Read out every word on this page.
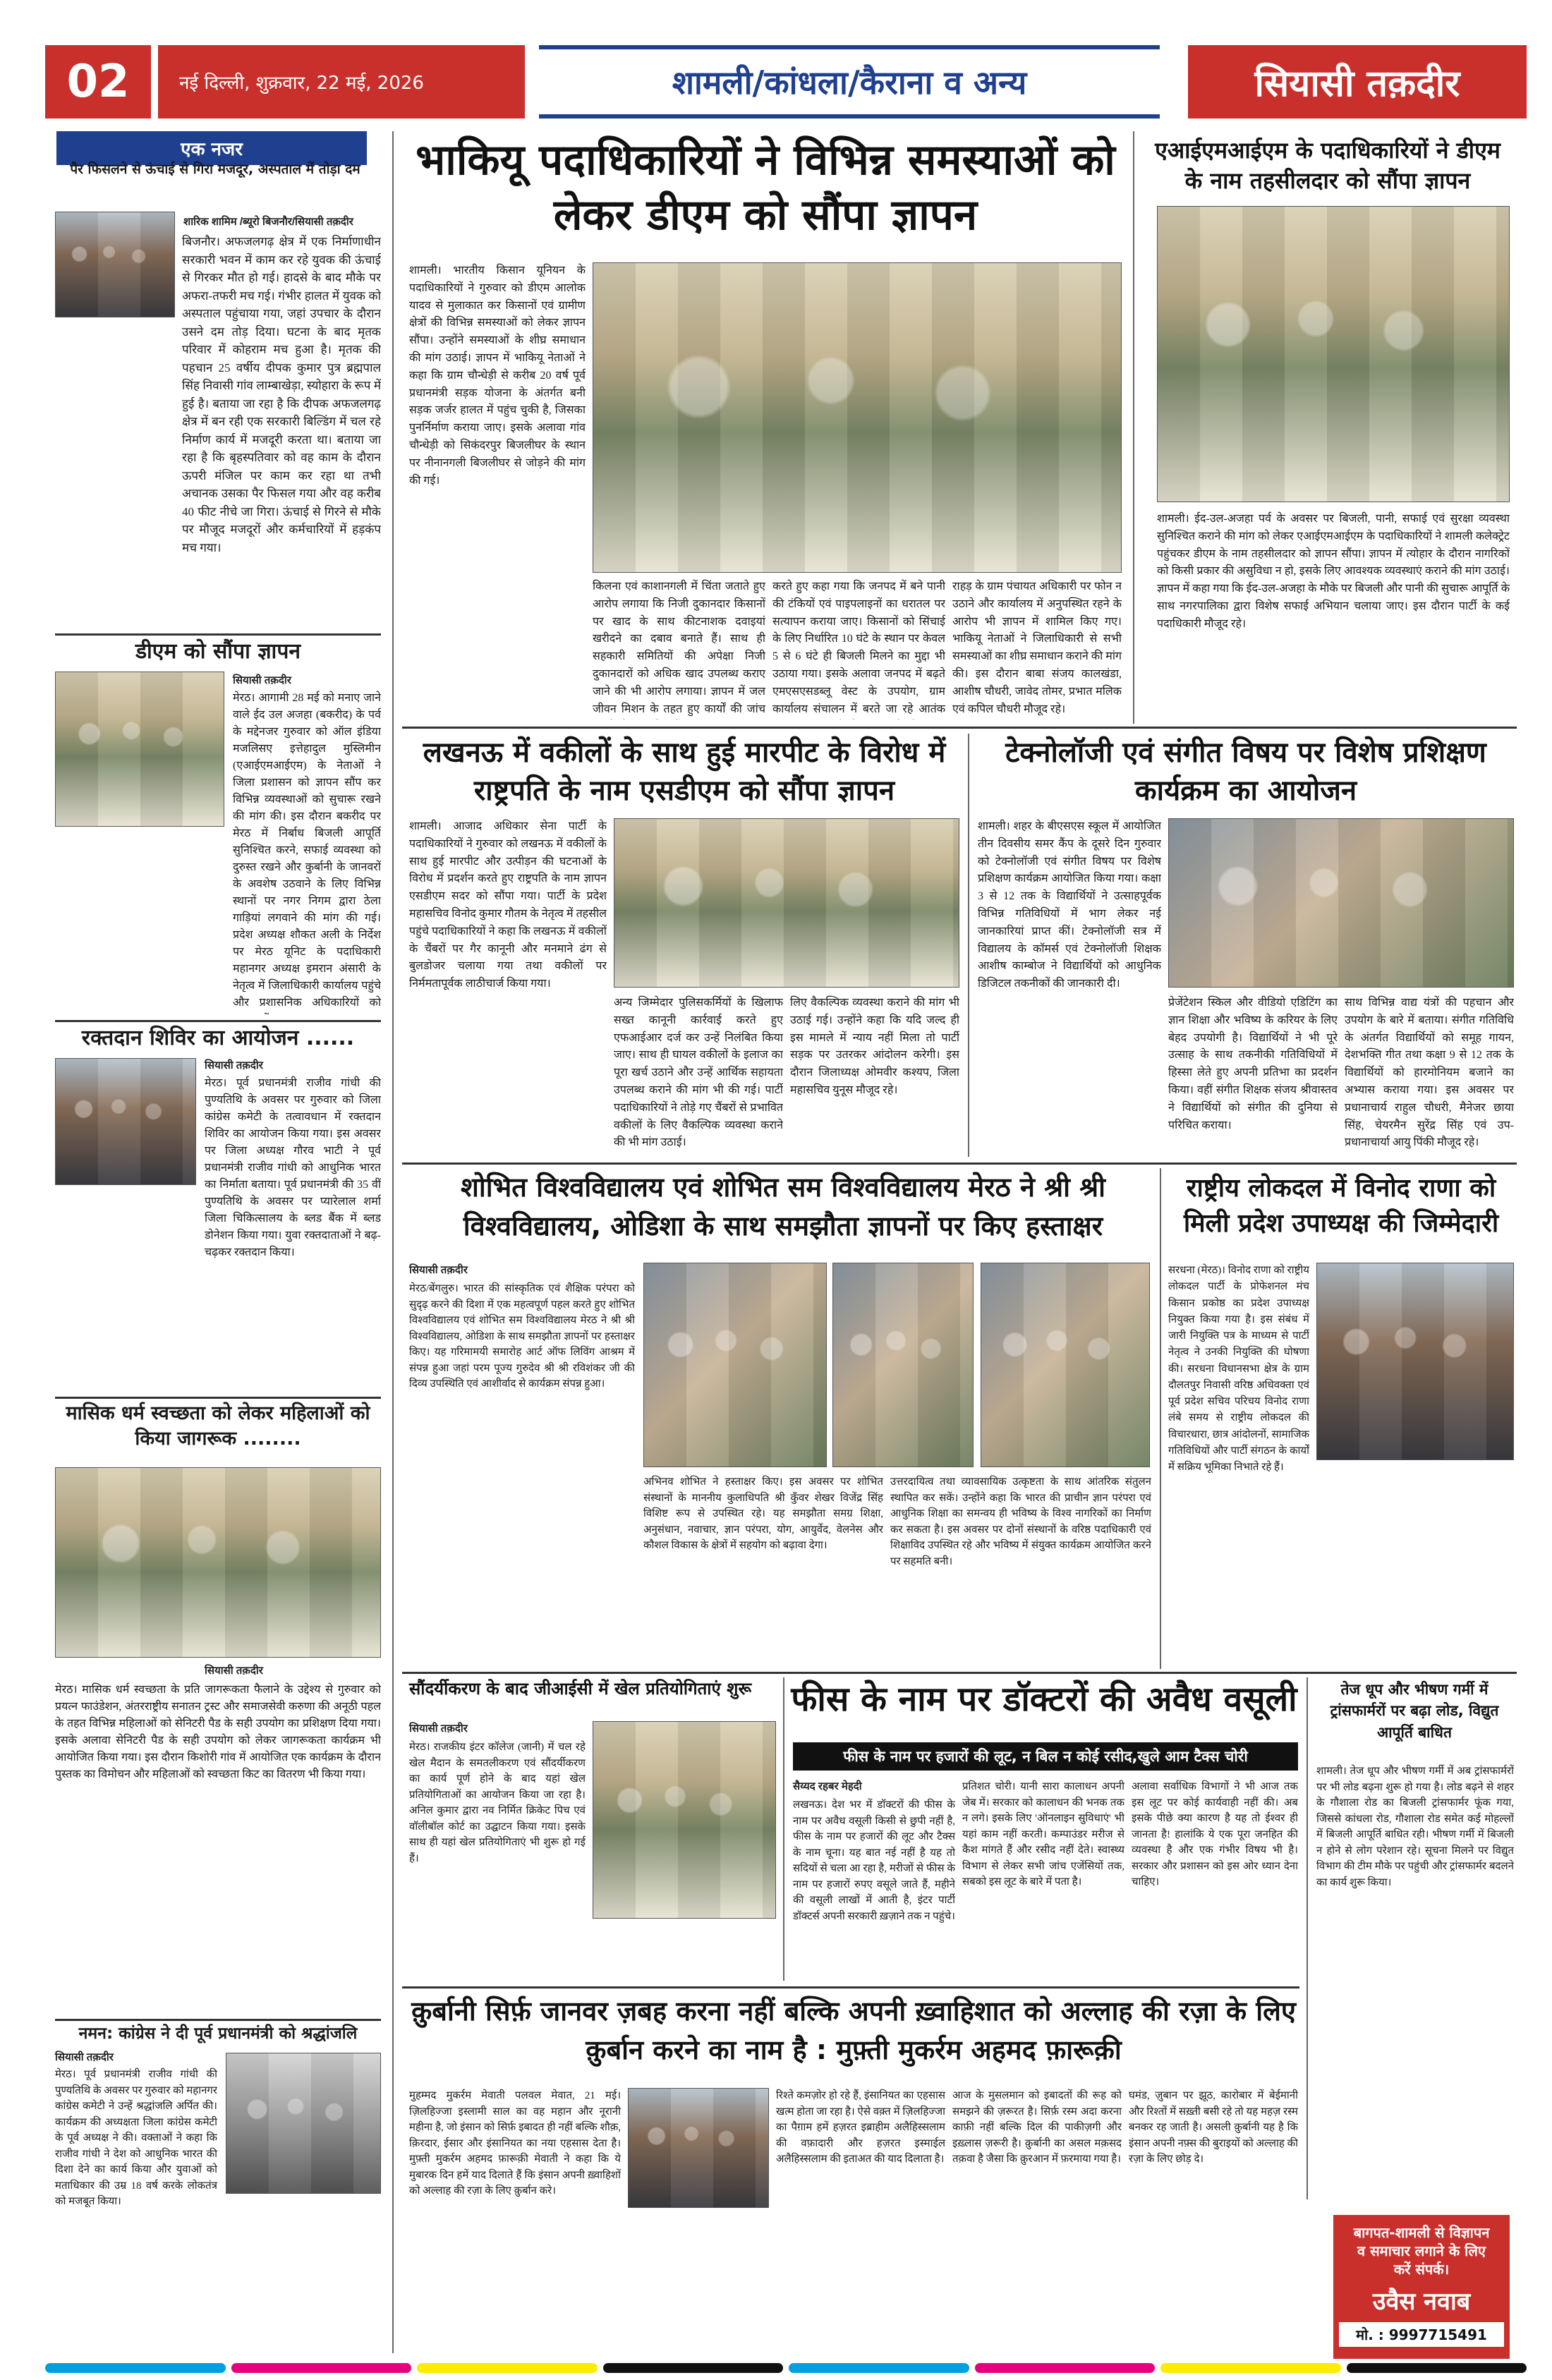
02	नई दिल्ली, शुक्रवार, 22 मई, 2026	शामली/कांधला/कैराना व अन्य	सियासी तक़दीर
एक नजर
पैर फिसलने से ऊंचाई से गिरा मजदूर, अस्पताल में तोड़ा दम
शारिक शामिम /ब्यूरो बिजनौर/सियासी तक़दीर
बिजनौर। अफजलगढ़ क्षेत्र में एक निर्माणाधीन सरकारी भवन में काम कर रहे युवक की ऊंचाई से गिरकर मौत हो गई। हादसे के बाद मौके पर अफरा-तफरी मच गई। गंभीर हालत में युवक को अस्पताल पहुंचाया गया, जहां उपचार के दौरान उसने दम तोड़ दिया। घटना के बाद मृतक परिवार में कोहराम मच हुआ है। मृतक की पहचान 25 वर्षीय दीपक कुमार पुत्र ब्रह्मपाल सिंह निवासी गांव लाम्बाखेड़ा, स्योहारा के रूप में हुई है। बताया जा रहा है कि दीपक अफजलगढ़ क्षेत्र में बन रही एक सरकारी बिल्डिंग में चल रहे निर्माण कार्य में मजदूरी करता था। बताया जा रहा है कि बृहस्पतिवार को वह काम के दौरान ऊपरी मंजिल पर काम कर रहा था तभी अचानक उसका पैर फिसल गया और वह करीब 40 फीट नीचे जा गिरा। ऊंचाई से गिरने से मौके पर मौजूद मजदूरों और कर्मचारियों में हड़कंप मच गया।
डीएम को सौंपा ज्ञापन
सियासी तक़दीर
मेरठ। आगामी 28 मई को मनाए जाने वाले ईद उल अजहा (बकरीद) के पर्व के मद्देनजर गुरुवार को ऑल इंडिया मजलिसए इत्तेहादुल मुस्लिमीन (एआईएमआईएम) के नेताओं ने जिला प्रशासन को ज्ञापन सौंप कर विभिन्न व्यवस्थाओं को सुचारू रखने की मांग की। इस दौरान बकरीद पर मेरठ में निर्बाध बिजली आपूर्ति सुनिश्चित करने, सफाई व्यवस्था को दुरुस्त रखने और कुर्बानी के जानवरों के अवशेष उठवाने के लिए विभिन्न स्थानों पर नगर निगम द्वारा ठेला गाड़ियां लगवाने की मांग की गई। प्रदेश अध्यक्ष शौकत अली के निर्देश पर मेरठ यूनिट के पदाधिकारी महानगर अध्यक्ष इमरान अंसारी के नेतृत्व में जिलाधिकारी कार्यालय पहुंचे और प्रशासनिक अधिकारियों को
रक्तदान शिविर का आयोजन ......
सियासी तक़दीर
मेरठ। पूर्व प्रधानमंत्री राजीव गांधी की पुण्यतिथि के अवसर पर गुरुवार को जिला कांग्रेस कमेटी के तत्वावधान में रक्तदान शिविर का आयोजन किया गया। इस अवसर पर जिला अध्यक्ष गौरव भाटी ने पूर्व प्रधानमंत्री राजीव गांधी को आधुनिक भारत का निर्माता बताया। पूर्व प्रधानमंत्री की 35 वीं पुण्यतिथि के अवसर पर प्यारेलाल शर्मा जिला चिकित्सालय के ब्लड बैंक में ब्लड डोनेशन किया गया। युवा रक्तदाताओं ने बढ़-चढ़कर रक्तदान किया।
मासिक धर्म स्वच्छता को लेकर महिलाओं को किया जागरूक ........
सियासी तक़दीर
मेरठ। मासिक धर्म स्वच्छता के प्रति जागरूकता फैलाने के उद्देश्य से गुरुवार को प्रयत्न फाउंडेशन, अंतरराष्ट्रीय सनातन ट्रस्ट और समाजसेवी करुणा की अनूठी पहल के तहत विभिन्न महिलाओं को सेनिटरी पैड के सही उपयोग का प्रशिक्षण दिया गया। इसके अलावा सेनिटरी पैड के सही उपयोग को लेकर जागरूकता कार्यक्रम भी आयोजित किया गया। इस दौरान किशोरी गांव में आयोजित एक कार्यक्रम के दौरान पुस्तक का विमोचन और महिलाओं को स्वच्छता किट का वितरण भी किया गया।
नमन: कांग्रेस ने दी पूर्व प्रधानमंत्री को श्रद्धांजलि
सियासी तक़दीर
मेरठ। पूर्व प्रधानमंत्री राजीव गांधी की पुण्यतिथि के अवसर पर गुरुवार को महानगर कांग्रेस कमेटी ने उन्हें श्रद्धांजलि अर्पित की। कार्यक्रम की अध्यक्षता जिला कांग्रेस कमेटी के पूर्व अध्यक्ष ने की। वक्ताओं ने कहा कि राजीव गांधी ने देश को आधुनिक भारत की दिशा देने का कार्य किया और युवाओं को मताधिकार की उम्र 18 वर्ष करके लोकतंत्र को मजबूत किया।
भाकियू पदाधिकारियों ने विभिन्न समस्याओं को लेकर डीएम को सौंपा ज्ञापन
शामली। भारतीय किसान यूनियन के पदाधिकारियों ने गुरुवार को डीएम आलोक यादव से मुलाकात कर किसानों एवं ग्रामीण क्षेत्रों की विभिन्न समस्याओं को लेकर ज्ञापन सौंपा। उन्होंने समस्याओं के शीघ्र समाधान की मांग उठाई। ज्ञापन में भाकियू नेताओं ने कहा कि ग्राम चौन्धेड़ी से करीब 20 वर्ष पूर्व प्रधानमंत्री सड़क योजना के अंतर्गत बनी सड़क जर्जर हालत में पहुंच चुकी है, जिसका पुनर्निर्माण कराया जाए। इसके अलावा गांव चौन्धेड़ी को सिकंदरपुर बिजलीघर के स्थान पर नीनानगली बिजलीघर से जोड़ने की मांग की गई।
किलना एवं काशानगली में चिंता जताते हुए आरोप लगाया कि निजी दुकानदार किसानों पर खाद के साथ कीटनाशक दवाइयां खरीदने का दबाव बनाते हैं। साथ ही सहकारी समितियों की अपेक्षा निजी दुकानदारों को अधिक खाद उपलब्ध कराए जाने की भी आरोप लगाया। ज्ञापन में जल जीवन मिशन के तहत हुए कार्यों की जांच
करते हुए कहा गया कि जनपद में बने पानी की टंकियों एवं पाइपलाइनों का धरातल पर सत्यापन कराया जाए। किसानों को सिंचाई के लिए निर्धारित 10 घंटे के स्थान पर केवल 5 से 6 घंटे ही बिजली मिलने का मुद्दा भी उठाया गया। इसके अलावा जनपद में बढ़ते एमएसएसडब्लू वेस्ट के उपयोग, ग्राम कार्यालय संचालन में बरते जा रहे आतंक
राहड़ के ग्राम पंचायत अधिकारी पर फोन न उठाने और कार्यालय में अनुपस्थित रहने के आरोप भी ज्ञापन में शामिल किए गए। भाकियू नेताओं ने जिलाधिकारी से सभी समस्याओं का शीघ्र समाधान कराने की मांग की। इस दौरान बाबा संजय कालखंडा, आशीष चौधरी, जावेद तोमर, प्रभात मलिक एवं कपिल चौधरी मौजूद रहे।
एआईएमआईएम के पदाधिकारियों ने डीएम के नाम तहसीलदार को सौंपा ज्ञापन
शामली। ईद-उल-अजहा पर्व के अवसर पर बिजली, पानी, सफाई एवं सुरक्षा व्यवस्था सुनिश्चित कराने की मांग को लेकर एआईएमआईएम के पदाधिकारियों ने शामली कलेक्ट्रेट पहुंचकर डीएम के नाम तहसीलदार को ज्ञापन सौंपा। ज्ञापन में त्योहार के दौरान नागरिकों को किसी प्रकार की असुविधा न हो, इसके लिए आवश्यक व्यवस्थाएं कराने की मांग उठाई। ज्ञापन में कहा गया कि ईद-उल-अजहा के मौके पर बिजली और पानी की सुचारू आपूर्ति के साथ नगरपालिका द्वारा विशेष सफाई अभियान चलाया जाए। इस दौरान पार्टी के कई पदाधिकारी मौजूद रहे।
लखनऊ में वकीलों के साथ हुई मारपीट के विरोध में राष्ट्रपति के नाम एसडीएम को सौंपा ज्ञापन
शामली। आजाद अधिकार सेना पार्टी के पदाधिकारियों ने गुरुवार को लखनऊ में वकीलों के साथ हुई मारपीट और उत्पीड़न की घटनाओं के विरोध में प्रदर्शन करते हुए राष्ट्रपति के नाम ज्ञापन एसडीएम सदर को सौंपा गया। पार्टी के प्रदेश महासचिव विनोद कुमार गौतम के नेतृत्व में तहसील पहुंचे पदाधिकारियों ने कहा कि लखनऊ में वकीलों के चैंबरों पर गैर कानूनी और मनमाने ढंग से बुलडोजर चलाया गया तथा वकीलों पर निर्ममतापूर्वक लाठीचार्ज किया गया।
अन्य जिम्मेदार पुलिसकर्मियों के खिलाफ सख्त कानूनी कार्रवाई करते हुए एफआईआर दर्ज कर उन्हें निलंबित किया जाए। साथ ही घायल वकीलों के इलाज का पूरा खर्च उठाने और उन्हें आर्थिक सहायता उपलब्ध कराने की मांग भी की गई। पार्टी पदाधिकारियों ने तोड़े गए चैंबरों से प्रभावित वकीलों के लिए वैकल्पिक व्यवस्था कराने की भी मांग उठाई।
लिए वैकल्पिक व्यवस्था कराने की मांग भी उठाई गई। उन्होंने कहा कि यदि जल्द ही इस मामले में न्याय नहीं मिला तो पार्टी सड़क पर उतरकर आंदोलन करेगी। इस दौरान जिलाध्यक्ष ओमवीर कश्यप, जिला महासचिव युनूस मौजूद रहे।
टेक्नोलॉजी एवं संगीत विषय पर विशेष प्रशिक्षण कार्यक्रम का आयोजन
शामली। शहर के बीएसएस स्कूल में आयोजित तीन दिवसीय समर कैंप के दूसरे दिन गुरुवार को टेक्नोलॉजी एवं संगीत विषय पर विशेष प्रशिक्षण कार्यक्रम आयोजित किया गया। कक्षा 3 से 12 तक के विद्यार्थियों ने उत्साहपूर्वक विभिन्न गतिविधियों में भाग लेकर नई जानकारियां प्राप्त कीं। टेक्नोलॉजी सत्र में विद्यालय के कॉमर्स एवं टेक्नोलॉजी शिक्षक आशीष काम्बोज ने विद्यार्थियों को आधुनिक डिजिटल तकनीकों की जानकारी दी।
प्रेजेंटेशन स्किल और वीडियो एडिटिंग का ज्ञान शिक्षा और भविष्य के करियर के लिए बेहद उपयोगी है। विद्यार्थियों ने भी पूरे उत्साह के साथ तकनीकी गतिविधियों में हिस्सा लेते हुए अपनी प्रतिभा का प्रदर्शन किया। वहीं संगीत शिक्षक संजय श्रीवास्तव ने विद्यार्थियों को संगीत की दुनिया से परिचित कराया।
साथ विभिन्न वाद्य यंत्रों की पहचान और उपयोग के बारे में बताया। संगीत गतिविधि के अंतर्गत विद्यार्थियों को समूह गायन, देशभक्ति गीत तथा कक्षा 9 से 12 तक के विद्यार्थियों को हारमोनियम बजाने का अभ्यास कराया गया। इस अवसर पर प्रधानाचार्य राहुल चौधरी, मैनेजर छाया सिंह, चेयरमैन सुरेंद्र सिंह एवं उप-प्रधानाचार्या आयु पिंकी मौजूद रहे।
शोभित विश्वविद्यालय एवं शोभित सम विश्वविद्यालय मेरठ ने श्री श्री विश्वविद्यालय, ओडिशा के साथ समझौता ज्ञापनों पर किए हस्ताक्षर
सियासी तक़दीर
मेरठ/बेंगलुरु। भारत की सांस्कृतिक एवं शैक्षिक परंपरा को सुदृढ़ करने की दिशा में एक महत्वपूर्ण पहल करते हुए शोभित विश्वविद्यालय एवं शोभित सम विश्वविद्यालय मेरठ ने श्री श्री विश्वविद्यालय, ओडिशा के साथ समझौता ज्ञापनों पर हस्ताक्षर किए। यह गरिमामयी समारोह आर्ट ऑफ लिविंग आश्रम में संपन्न हुआ जहां परम पूज्य गुरुदेव श्री श्री रविशंकर जी की दिव्य उपस्थिति एवं आशीर्वाद से कार्यक्रम संपन्न हुआ।
अभिनव शोभित ने हस्ताक्षर किए। इस अवसर पर शोभित संस्थानों के माननीय कुलाधिपति श्री कुँवर शेखर विजेंद्र सिंह विशिष्ट रूप से उपस्थित रहे। यह समझौता समग्र शिक्षा, अनुसंधान, नवाचार, ज्ञान परंपरा, योग, आयुर्वेद, वेलनेस और कौशल विकास के क्षेत्रों में सहयोग को बढ़ावा देगा।
उत्तरदायित्व तथा व्यावसायिक उत्कृष्टता के साथ आंतरिक संतुलन स्थापित कर सकें। उन्होंने कहा कि भारत की प्राचीन ज्ञान परंपरा एवं आधुनिक शिक्षा का समन्वय ही भविष्य के विश्व नागरिकों का निर्माण कर सकता है। इस अवसर पर दोनों संस्थानों के वरिष्ठ पदाधिकारी एवं शिक्षाविद उपस्थित रहे और भविष्य में संयुक्त कार्यक्रम आयोजित करने पर सहमति बनी।
राष्ट्रीय लोकदल में विनोद राणा को मिली प्रदेश उपाध्यक्ष की जिम्मेदारी
सरधना (मेरठ)। विनोद राणा को राष्ट्रीय लोकदल पार्टी के प्रोफेशनल मंच किसान प्रकोष्ठ का प्रदेश उपाध्यक्ष नियुक्त किया गया है। इस संबंध में जारी नियुक्ति पत्र के माध्यम से पार्टी नेतृत्व ने उनकी नियुक्ति की घोषणा की। सरधना विधानसभा क्षेत्र के ग्राम दौलतपुर निवासी वरिष्ठ अधिवक्ता एवं पूर्व प्रदेश सचिव परिचय विनोद राणा लंबे समय से राष्ट्रीय लोकदल की विचारधारा, छात्र आंदोलनों, सामाजिक गतिविधियों और पार्टी संगठन के कार्यों में सक्रिय भूमिका निभाते रहे हैं।
सौंदर्यीकरण के बाद जीआईसी में खेल प्रतियोगिताएं शुरू
सियासी तक़दीर
मेरठ। राजकीय इंटर कॉलेज (जानी) में चल रहे खेल मैदान के समतलीकरण एवं सौंदर्यीकरण का कार्य पूर्ण होने के बाद यहां खेल प्रतियोगिताओं का आयोजन किया जा रहा है। अनिल कुमार द्वारा नव निर्मित क्रिकेट पिच एवं वॉलीबॉल कोर्ट का उद्घाटन किया गया। इसके साथ ही यहां खेल प्रतियोगिताएं भी शुरू हो गई हैं।
फीस के नाम पर डॉक्टरों की अवैध वसूली
फीस के नाम पर हजारों की लूट, न बिल न कोई रसीद,खुले आम टैक्स चोरी
सैय्यद रहबर मेहदी
लखनऊ। देश भर में डॉक्टरों की फीस के नाम पर अवैध वसूली किसी से छुपी नहीं है, फीस के नाम पर हजारों की लूट और टैक्स के नाम चूना। यह बात नई नहीं है यह तो सदियों से चला आ रहा है, मरीजों से फीस के नाम पर हजारों रुपए वसूले जाते हैं, महीने की वसूली लाखों में आती है, इंटर पार्टी डॉक्टर्स अपनी सरकारी ख़ज़ाने तक न पहुंचे।
प्रतिशत चोरी। यानी सारा कालाधन अपनी जेब में। सरकार को कालाधन की भनक तक न लगे। इसके लिए 'ऑनलाइन सुविधाएं' भी यहां काम नहीं करती। कम्पाउंडर मरीज से कैश मांगते हैं और रसीद नहीं देते। स्वास्थ्य विभाग से लेकर सभी जांच एजेंसियों तक, सबको इस लूट के बारे में पता है।
अलावा सर्वाधिक विभागों ने भी आज तक इस लूट पर कोई कार्यवाही नहीं की। अब इसके पीछे क्या कारण है यह तो ईश्वर ही जानता है! हालांकि ये एक पूरा जनहित की व्यवस्था है और एक गंभीर विषय भी है। सरकार और प्रशासन को इस ओर ध्यान देना चाहिए।
तेज धूप और भीषण गर्मी में ट्रांसफार्मरों पर बढ़ा लोड, विद्युत आपूर्ति बाधित
शामली। तेज धूप और भीषण गर्मी में अब ट्रांसफार्मरों पर भी लोड बढ़ना शुरू हो गया है। लोड बढ़ने से शहर के गौशाला रोड का बिजली ट्रांसफार्मर फूंक गया, जिससे कांधला रोड, गौशाला रोड समेत कई मोहल्लों में बिजली आपूर्ति बाधित रही। भीषण गर्मी में बिजली न होने से लोग परेशान रहे। सूचना मिलने पर विद्युत विभाग की टीम मौके पर पहुंची और ट्रांसफार्मर बदलने का कार्य शुरू किया।
क़ुर्बानी सिर्फ़ जानवर ज़बह करना नहीं बल्कि अपनी ख़्वाहिशात को अल्लाह की रज़ा के लिए क़ुर्बान करने का नाम है : मुफ़्ती मुकर्रम अहमद फ़ारूक़ी
मुहम्मद मुकर्रम मेवाती पलवल मेवात, 21 मई। ज़िलहिज्जा इस्लामी साल का वह महान और नूरानी महीना है, जो इंसान को सिर्फ़ इबादत ही नहीं बल्कि शौक़, क़िरदार, ईसार और इंसानियत का नया एहसास देता है। मुफ़्ती मुकर्रम अहमद फ़ारूक़ी मेवाती ने कहा कि ये मुबारक दिन हमें याद दिलाते हैं कि इंसान अपनी ख़्वाहिशों को अल्लाह की रज़ा के लिए क़ुर्बान करे।
रिश्ते कमज़ोर हो रहे हैं, इंसानियत का एहसास खत्म होता जा रहा है। ऐसे वक़्त में ज़िलहिज्जा का पैग़ाम हमें हज़रत इब्राहीम अलैहिस्सलाम की वफ़ादारी और हज़रत इस्माईल अलैहिस्सलाम की इताअत की याद दिलाता है।
आज के मुसलमान को इबादतों की रूह को समझने की ज़रूरत है। सिर्फ़ रस्म अदा करना काफ़ी नहीं बल्कि दिल की पाकीज़गी और इख़्लास ज़रूरी है। क़ुर्बानी का असल मक़सद तक़वा है जैसा कि क़ुरआन में फ़रमाया गया है।
घमंड, ज़ुबान पर झूठ, कारोबार में बेईमानी और रिश्तों में सख़्ती बसी रहे तो यह महज़ रस्म बनकर रह जाती है। असली क़ुर्बानी यह है कि इंसान अपनी नफ़्स की बुराइयों को अल्लाह की रज़ा के लिए छोड़ दे।
बागपत-शामली से विज्ञापन
व समाचार लगाने के लिए
करें संपर्क।
उवैस नवाब
मो. : 9997715491
